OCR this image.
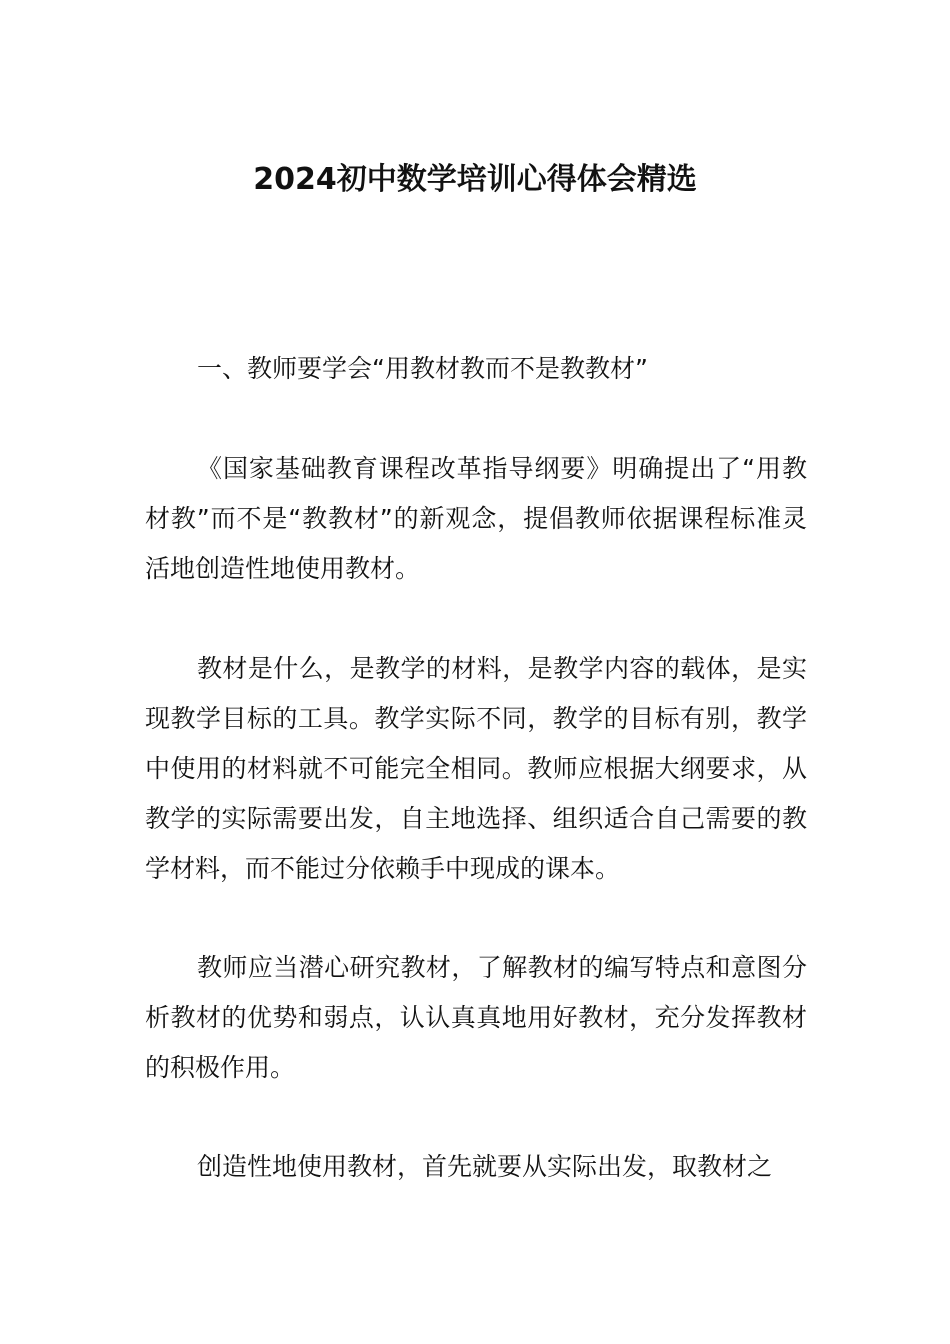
2024初中数学培训心得体会精选

一、教师要学会“用教材教而不是教教材”

《国家基础教育课程改革指导纲要》明确提出了“用教材教”而不是“教教材”的新观念，提倡教师依据课程标准灵活地创造性地使用教材。

教材是什么，是教学的材料，是教学内容的载体，是实现教学目标的工具。教学实际不同，教学的目标有别，教学中使用的材料就不可能完全相同。教师应根据大纲要求，从教学的实际需要出发，自主地选择、组织适合自己需要的教学材料，而不能过分依赖手中现成的课本。

教师应当潜心研究教材，了解教材的编写特点和意图分析教材的优势和弱点，认认真真地用好教材，充分发挥教材的积极作用。

创造性地使用教材，首先就要从实际出发，取教材之
